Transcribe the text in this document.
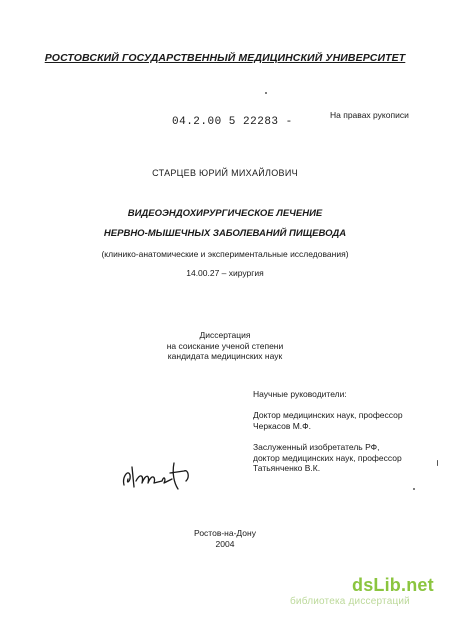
РОСТОВСКИЙ ГОСУДАРСТВЕННЫЙ МЕДИЦИНСКИЙ УНИВЕРСИТЕТ
04.2.00 5 22283 -
На правах рукописи
СТАРЦЕВ ЮРИЙ МИХАЙЛОВИЧ
ВИДЕОЭНДОХИРУРГИЧЕСКОЕ ЛЕЧЕНИЕ
НЕРВНО-МЫШЕЧНЫХ ЗАБОЛЕВАНИЙ ПИЩЕВОДА
(клинико-анатомические и экспериментальные исследования)
14.00.27 – хирургия
Диссертация
на соискание ученой степени
кандидата медицинских наук
Научные руководители:
Доктор медицинских наук, профессор
Черкасов М.Ф.
Заслуженный изобретатель РФ,
доктор медицинских наук, профессор
Татьянченко В.К.
Ростов-на-Дону
2004
dsLib.net
библиотека диссертаций
